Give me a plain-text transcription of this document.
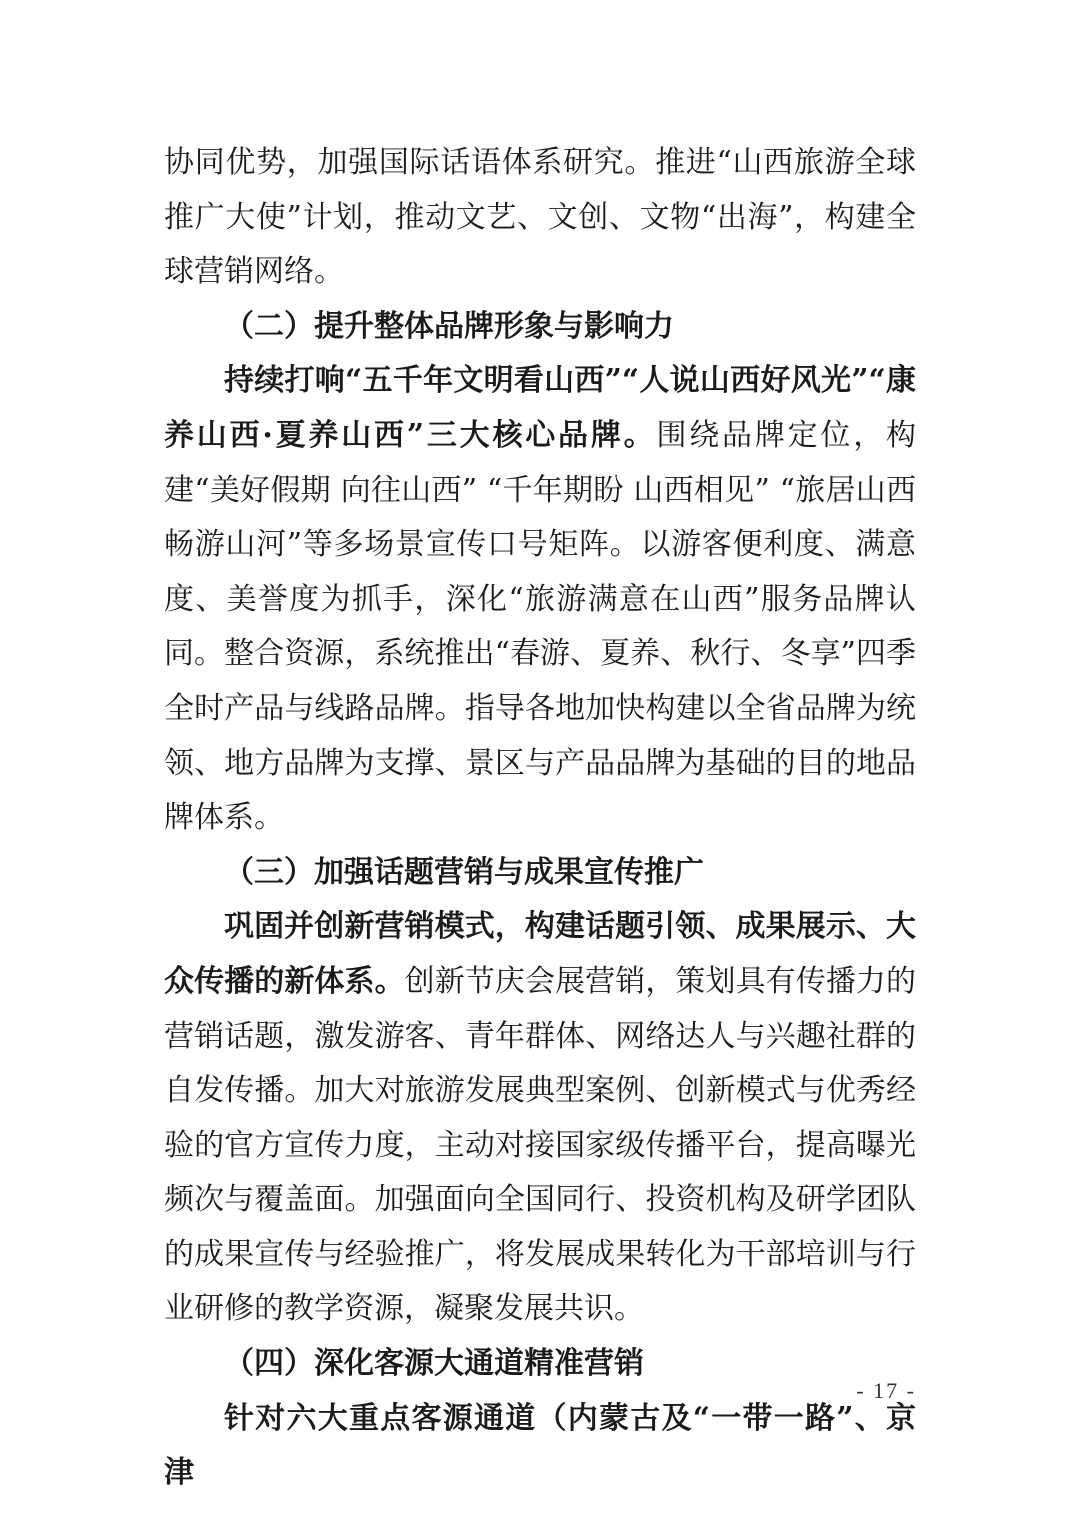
协同优势，加强国际话语体系研究。推进“山西旅游全球推广大使”计划，推动文艺、文创、文物“出海”，构建全球营销网络。

（二）提升整体品牌形象与影响力

持续打响“五千年文明看山西”“人说山西好风光”“康养山西·夏养山西”三大核心品牌。围绕品牌定位，构建“美好假期 向往山西” “千年期盼 山西相见” “旅居山西 畅游山河”等多场景宣传口号矩阵。以游客便利度、满意度、美誉度为抓手，深化“旅游满意在山西”服务品牌认同。整合资源，系统推出“春游、夏养、秋行、冬享”四季全时产品与线路品牌。指导各地加快构建以全省品牌为统领、地方品牌为支撑、景区与产品品牌为基础的目的地品牌体系。

（三）加强话题营销与成果宣传推广

巩固并创新营销模式，构建话题引领、成果展示、大众传播的新体系。创新节庆会展营销，策划具有传播力的营销话题，激发游客、青年群体、网络达人与兴趣社群的自发传播。加大对旅游发展典型案例、创新模式与优秀经验的官方宣传力度，主动对接国家级传播平台，提高曝光频次与覆盖面。加强面向全国同行、投资机构及研学团队的成果宣传与经验推广，将发展成果转化为干部培训与行业研修的教学资源，凝聚发展共识。

（四）深化客源大通道精准营销

针对六大重点客源通道（内蒙古及“一带一路”、京津

- 17 -
